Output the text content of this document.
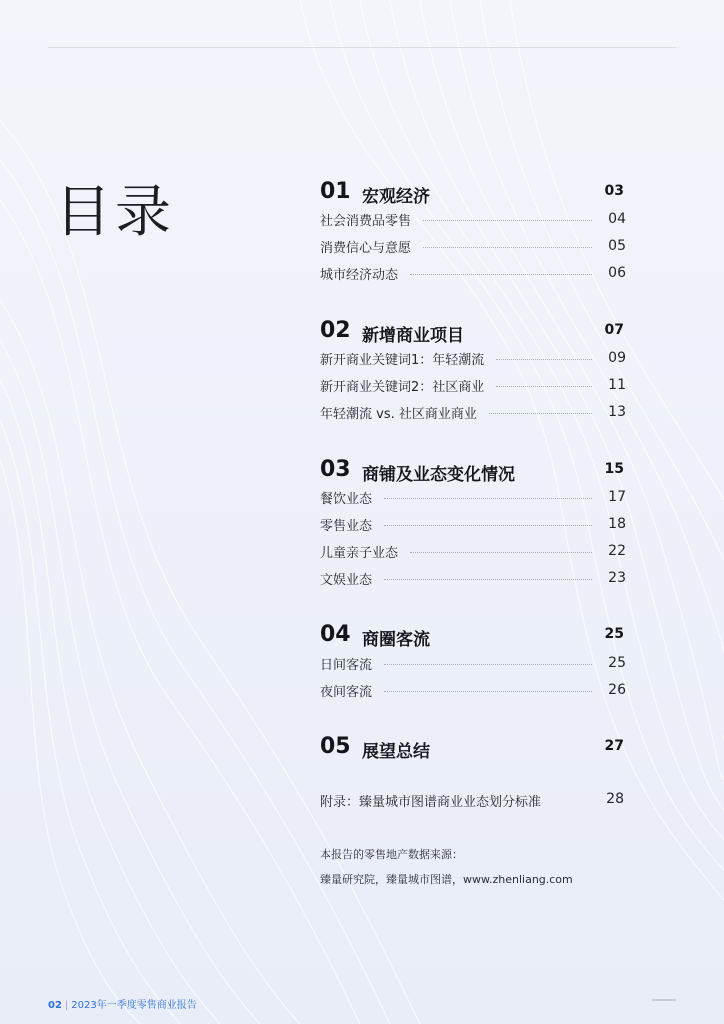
目录	01 宏观经济	03
社会消费品零售	04
消费信心与意愿	05
城市经济动态	06
02 新增商业项目	07
新开商业关键词1：年轻潮流	09
新开商业关键词2：社区商业	11
年轻潮流 vs. 社区商业商业	13
03 商铺及业态变化情况	15
餐饮业态	17
零售业态	18
儿童亲子业态	22
文娱业态	23
04 商圈客流	25
日间客流	25
夜间客流	26
05 展望总结	27
附录：臻量城市图谱商业业态划分标准	28
本报告的零售地产数据来源：
臻量研究院，臻量城市图谱，www.zhenliang.com
02 | 2023年一季度零售商业报告
